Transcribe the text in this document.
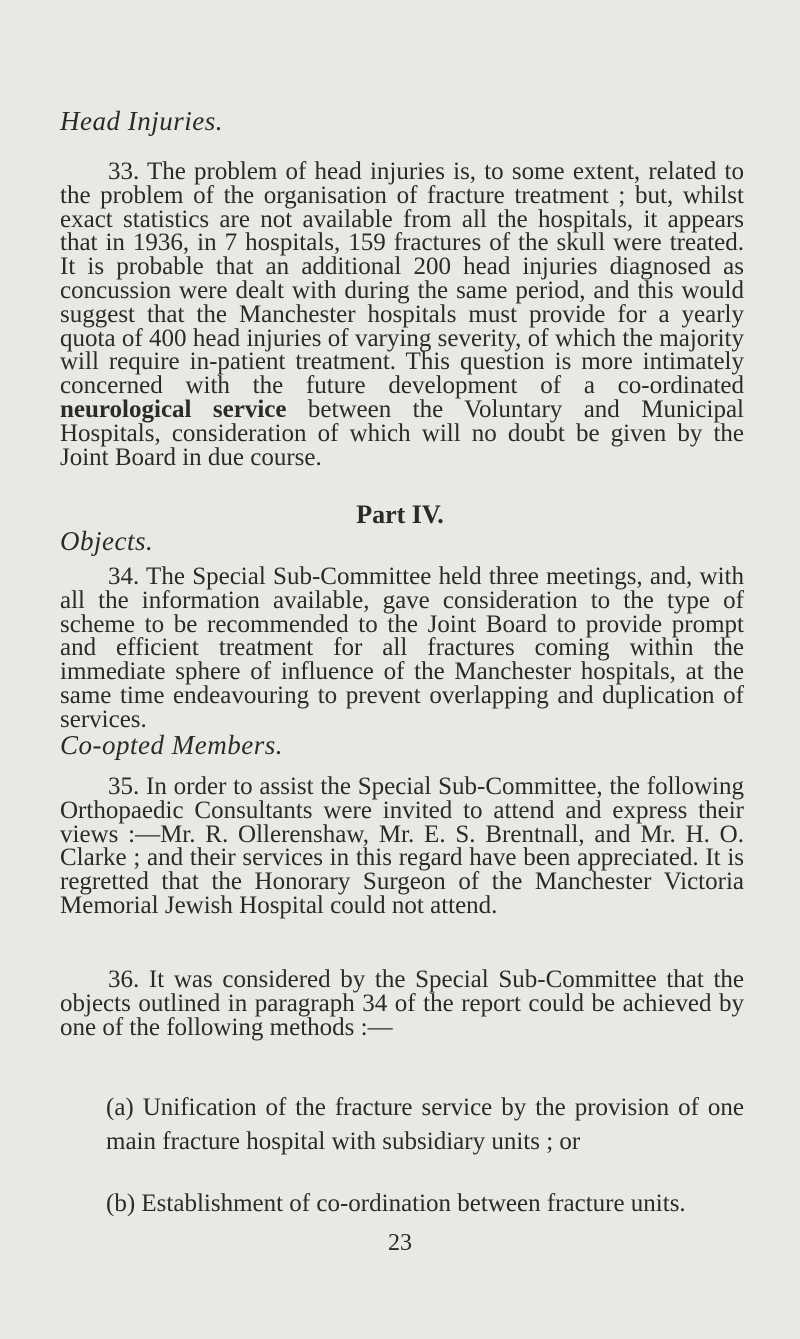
Head Injuries.
33. The problem of head injuries is, to some extent, related to the problem of the organisation of fracture treatment ; but, whilst exact statistics are not available from all the hospitals, it appears that in 1936, in 7 hospitals, 159 fractures of the skull were treated. It is probable that an additional 200 head injuries diagnosed as concussion were dealt with during the same period, and this would suggest that the Manchester hospitals must provide for a yearly quota of 400 head injuries of varying severity, of which the majority will require in-patient treatment. This question is more intimately concerned with the future development of a co-ordinated neurological service between the Voluntary and Municipal Hospitals, consideration of which will no doubt be given by the Joint Board in due course.
Part IV.
Objects.
34. The Special Sub-Committee held three meetings, and, with all the information available, gave consideration to the type of scheme to be recommended to the Joint Board to provide prompt and efficient treatment for all fractures coming within the immediate sphere of influence of the Manchester hospitals, at the same time endeavouring to prevent overlapping and duplication of services.
Co-opted Members.
35. In order to assist the Special Sub-Committee, the following Orthopaedic Consultants were invited to attend and express their views :—Mr. R. Ollerenshaw, Mr. E. S. Brentnall, and Mr. H. O. Clarke ; and their services in this regard have been appreciated. It is regretted that the Honorary Surgeon of the Manchester Victoria Memorial Jewish Hospital could not attend.
36. It was considered by the Special Sub-Committee that the objects outlined in paragraph 34 of the report could be achieved by one of the following methods :—
(a) Unification of the fracture service by the provision of one main fracture hospital with subsidiary units ; or
(b) Establishment of co-ordination between fracture units.
23
